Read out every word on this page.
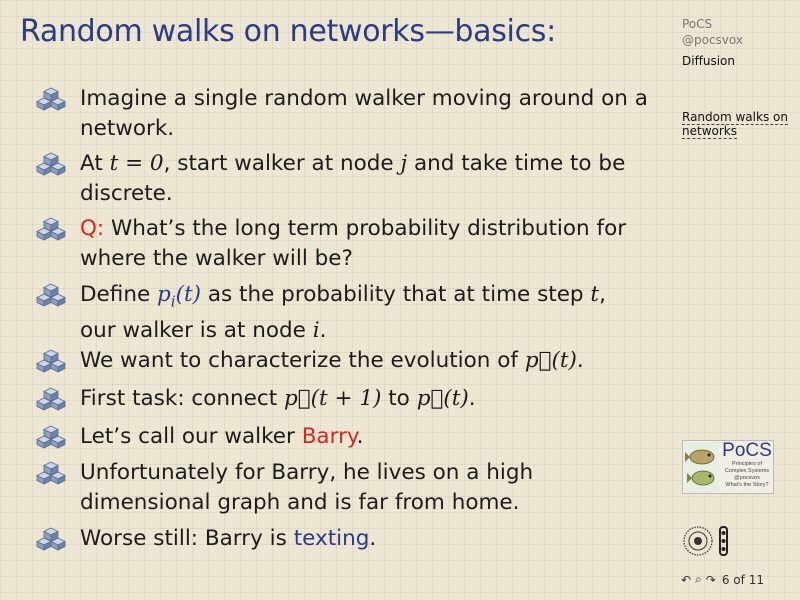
Random walks on networks—basics:	PoCS
@pocsvox
Diffusion
Random walks on networks
Imagine a single random walker moving around on a network.
At t = 0, start walker at node j and take time to be discrete.
Q: What’s the long term probability distribution for where the walker will be?
Define $p_i(t)$ as the probability that at time step t,
our walker is at node i.
We want to characterize the evolution of p⃗(t).
First task: connect p⃗(t + 1) to p⃗(t).
Let’s call our walker Barry.
Unfortunately for Barry, he lives on a high dimensional graph and is far from home.
Worse still: Barry is texting.
PoCS
Principles of
Complex Systems
@pocsvox
What's the Story?
↶ ⌕ ↷ 6 of 11
